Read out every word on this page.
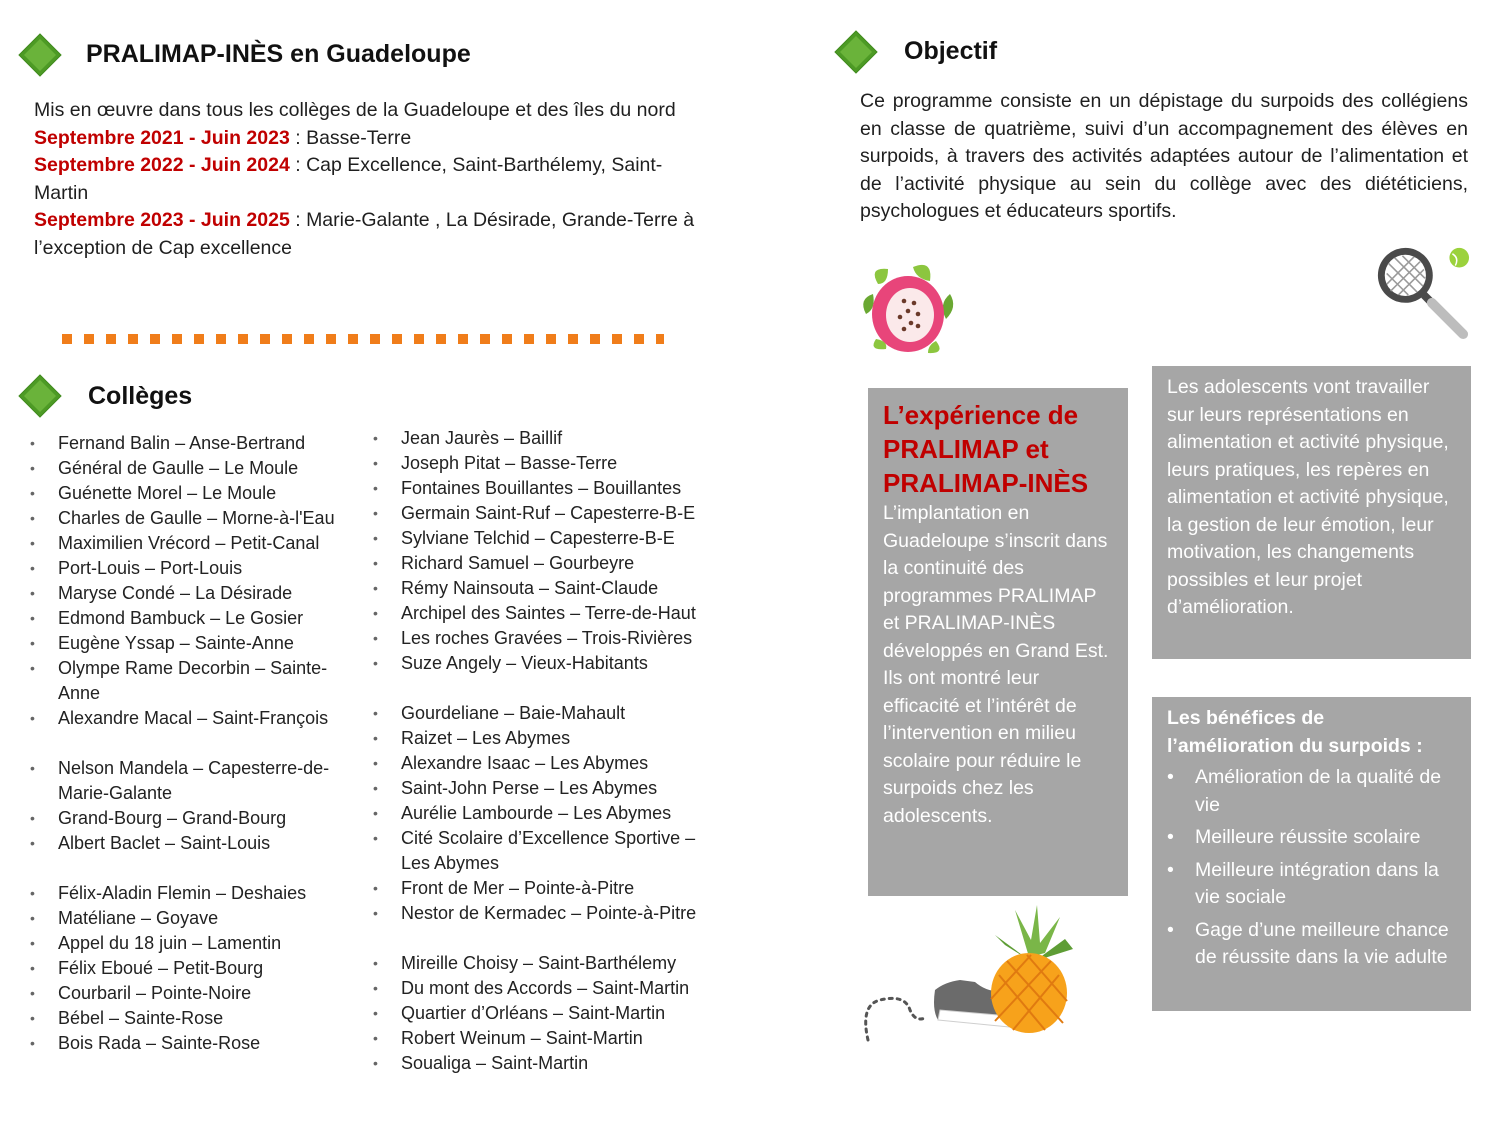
PRALIMAP-INÈS en Guadeloupe

Mis en œuvre dans tous les collèges de la Guadeloupe et des îles du nord

Septembre 2021 - Juin 2023 : Basse-Terre

Septembre 2022 - Juin 2024 : Cap Excellence, Saint-Barthélemy, Saint-Martin

Septembre 2023 - Juin 2025 : Marie-Galante , La Désirade, Grande-Terre à l’exception de Cap excellence

Collèges
• Fernand Balin – Anse-Bertrand
• Général de Gaulle – Le Moule
• Guénette Morel – Le Moule
• Charles de Gaulle – Morne-à-l'Eau
• Maximilien Vrécord – Petit-Canal
• Port-Louis – Port-Louis
• Maryse Condé – La Désirade
• Edmond Bambuck – Le Gosier
• Eugène Yssap – Sainte-Anne
• Olympe Rame Decorbin – Sainte-Anne
• Alexandre Macal – Saint-François
• Nelson Mandela – Capesterre-de-Marie-Galante
• Grand-Bourg – Grand-Bourg
• Albert Baclet – Saint-Louis
• Félix-Aladin Flemin – Deshaies
• Matéliane – Goyave
• Appel du 18 juin – Lamentin
• Félix Eboué – Petit-Bourg
• Courbaril – Pointe-Noire
• Bébel – Sainte-Rose
• Bois Rada – Sainte-Rose
• Jean Jaurès – Baillif
• Joseph Pitat – Basse-Terre
• Fontaines Bouillantes – Bouillantes
• Germain Saint-Ruf – Capesterre-B-E
• Sylviane Telchid – Capesterre-B-E
• Richard Samuel – Gourbeyre
• Rémy Nainsouta – Saint-Claude
• Archipel des Saintes – Terre-de-Haut
• Les roches Gravées – Trois-Rivières
• Suze Angely – Vieux-Habitants
• Gourdeliane – Baie-Mahault
• Raizet – Les Abymes
• Alexandre Isaac – Les Abymes
• Saint-John Perse – Les Abymes
• Aurélie Lambourde – Les Abymes
• Cité Scolaire d’Excellence Sportive – Les Abymes
• Front de Mer – Pointe-à-Pitre
• Nestor de Kermadec – Pointe-à-Pitre
• Mireille Choisy – Saint-Barthélemy
• Du mont des Accords – Saint-Martin
• Quartier d’Orléans – Saint-Martin
• Robert Weinum – Saint-Martin
• Soualiga – Saint-Martin
Objectif
Ce programme consiste en un dépistage du surpoids des collégiens en classe de quatrième, suivi d’un accompagnement des élèves en surpoids, à travers des activités adaptées autour de l’alimentation et de l’activité physique au sein du collège avec des diététiciens, psychologues et éducateurs sportifs.
L’expérience de PRALIMAP et PRALIMAP-INÈS
L’implantation en Guadeloupe s’inscrit dans la continuité des programmes PRALIMAP et PRALIMAP-INÈS développés en Grand Est.
Ils ont montré leur efficacité et l’intérêt de l’intervention en milieu scolaire pour réduire le surpoids chez les adolescents.
Les adolescents vont travailler sur leurs représentations en alimentation et activité physique, leurs pratiques, les repères en alimentation et activité physique, la gestion de leur émotion, leur motivation, les changements possibles et leur projet d’amélioration.
Les bénéfices de l’amélioration du surpoids :
• Amélioration de la qualité de vie
• Meilleure réussite scolaire
• Meilleure intégration dans la vie sociale
• Gage d’une meilleure chance de réussite dans la vie adulte
